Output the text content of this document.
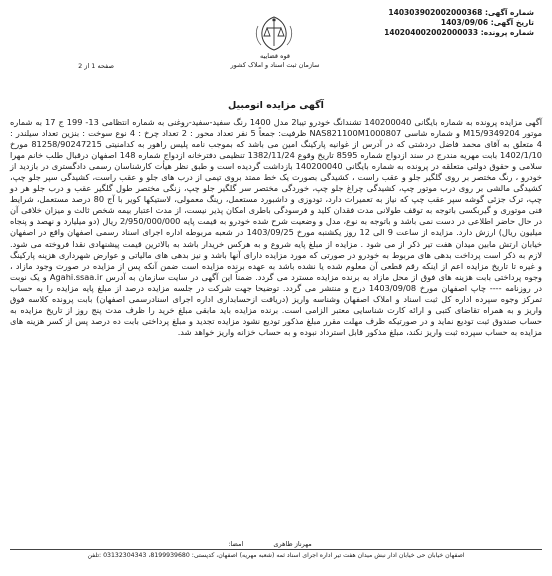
شماره آگهی: 140303902002000368
تاریخ آگهی: 1403/09/06
شماره پرونده: 140204002002000033
قوه قضاییه
سازمان ثبت اسناد و املاک کشور
صفحه 1 از 2
آگهی مزایده اتومبیل
آگهی مزایده پرونده به شماره بایگانی 140200040 تشندانگ خودرو تیبا2 مدل 1400 رنگ سفید-سفید-روغنی به شماره انتظامی 13- 199 ج 17 به شماره موتور M15/9349204 و شماره شاسی NAS821100M1000807 ظرفیت: جمعاً 5 نفر تعداد محور : 2 تعداد چرخ : 4 نوع سوخت : بنزین تعداد سیلندر : 4 متعلق به آقای محمد فاضل دردشتی که در آدرس از غوانیه پارکینگ امین می باشد که بموجب نامه پلیس راهور به کدامنیتی 81258/90247215 مورخ 1402/1/10 بابت مهریه مندرج در سند ازدواج شماره 8595 تاریخ وقوع 1382/11/24 تنظیمی دفترخانه ازدواج شماره 148 اصفهان درقبال طلب خانم مهرا سلامی و حقوق دولتی متعلقه در پرونده به شماره بایگانی 140200040 بازداشت گردیده است و طبق نظر هیأت کارشناسان رسمی دادگستری در بازدید از خودرو ، رنگ مختصر بر روی گلگیر جلو و عقب راست ، کشیدگی بصورت یک خط ممتد بروی تیمی از درب های جلو و عقب راست، کشیدگی سپر جلو چپ، کشیدگی مالشی بر روی درب موتور چپ، کشیدگی چراغ جلو چپ، خوردگی مختصر سر گلگیر جلو چپ، زنگی مختصر طول گلگیر عقب و درب جلو هر دو چپ، ترک جزئی گوشه سپر عقب چپ که نیاز به تعمیرات دارد، تودوزی و داشبورد مستعمل، رینگ معمولی، لاستیکها کویر با آج 80 درصد مستعمل، شرایط فنی موتوری و گیربکسی باتوجه به توقف طولانی مدت فقدان کلید و فرسودگی باطری امکان پذیر نیست، از مدت اعتبار بیمه شخص ثالث و میزان خلافی آن در حال حاضر اطلاعی در دست نمی باشد و باتوجه به نوع، مدل و وضعیت شرح شده خودرو به قیمت پایه 2/950/000/000 ریال (دو میلیارد و نهصد و پنجاه میلیون ریال) ارزش دارد. مزایده از ساعت 9 الی 12 روز یکشنبه مورخ 1403/09/25 در شعبه مربوطه اداره اجرای اسناد رسمی اصفهان واقع در اصفهان خیابان ارتش مابین میدان هفت تیر ذکر از می شود . مزایده از مبلغ پایه شروع و به هرکس خریدار باشد به بالاترین قیمت پیشنهادی نقدا فروخته می شود. لازم به ذکر است پرداخت بدهی های مربوط به خودرو در صورتی که مورد مزایده دارای آنها باشد و نیز بدهی های مالیاتی و عوارض شهرداری هزینه پارکینگ و غیره تا تاریخ مزایده اعم از اینکه رقم قطعی آن معلوم شده یا نشده باشد به عهده برنده مزایده است ضمن آنکه پس از مزایده در صورت وجود مازاد ، وجوه پرداختی بابت هزینه های فوق از محل مازاد به برنده مزایده مسترد می گردد. ضمناً این آگهی در سایت سازمان به آدرس Agahi.ssaa.ir و یک نوبت در روزنامه ---- چاپ اصفهان مورخ 1403/09/08 درج و منتشر می گردد. توضیحا جهت شرکت در جلسه مزایده درصد از مبلغ پایه مزایده را به حساب تمرکز وجوه سپرده اداره کل ثبت اسناد و املاک اصفهان وشناسه واریز (دریافت ازحسابداری اداره اجرای اسنادرسمی اصفهان) بابت پرونده کلاسه فوق واریز و به همراه تقاضای کتبی و ارائه کارت شناسایی معتبر الزامی است. برنده مزایده باید مابقی مبلغ خرید را ظرف مدت پنج روز از تاریخ مزایده به حساب صندوق ثبت تودیع نماید و در صورتیکه ظرف مهلت مقرر مبلغ مذکور تودیع نشود مزایده تجدید و مبلغ پرداختی بابت ده درصد پس از کسر هزینه های مزایده به حساب سپرده ثبت واریز نکند، مبلغ مذکور قابل استرداد نبوده و به حساب خزانه واریز خواهد شد.
مهرناز ظاهری امضا:
اصفهان خیابان حی خیابان ادار نبش میدان هفت تیر اداره اجرای اسناد ثمه (شعبه مهریه) اصفهان، کدپستی: 8199939680، 03132304343 :تلفن
